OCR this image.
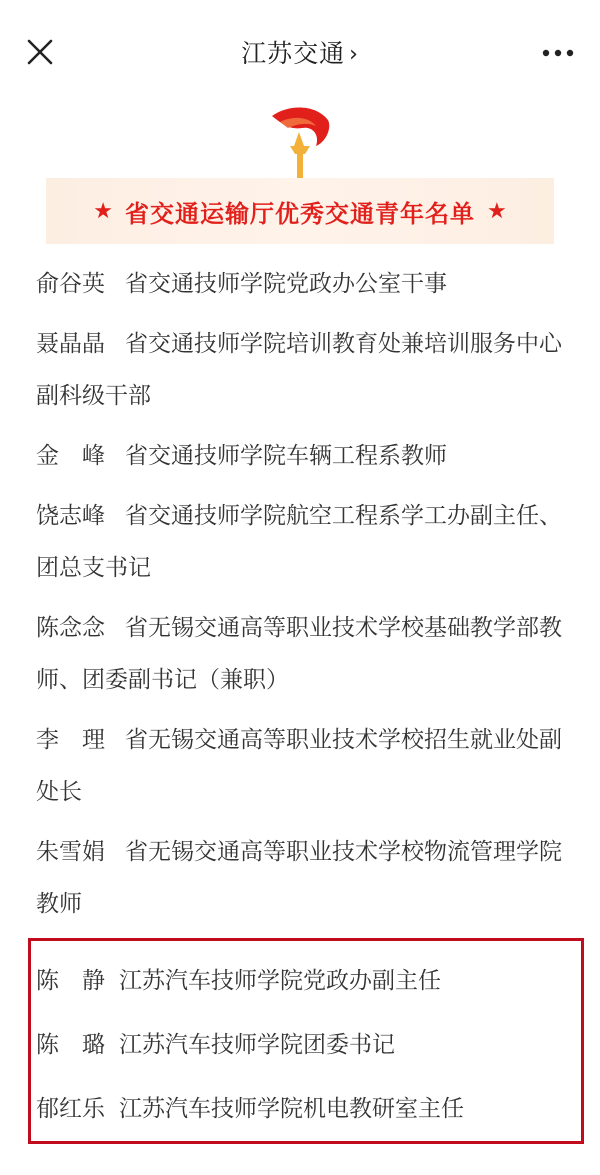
江苏交通 ›
★ 省交通运输厅优秀交通青年名单 ★
俞谷英 省交通技师学院党政办公室干事
聂晶晶 省交通技师学院培训教育处兼培训服务中心副科级干部
金　峰 省交通技师学院车辆工程系教师
饶志峰 省交通技师学院航空工程系学工办副主任、团总支书记
陈念念 省无锡交通高等职业技术学校基础教学部教师、团委副书记（兼职）
李　理 省无锡交通高等职业技术学校招生就业处副处长
朱雪娟 省无锡交通高等职业技术学校物流管理学院教师
陈　静 江苏汽车技师学院党政办副主任
陈　璐 江苏汽车技师学院团委书记
郁红乐 江苏汽车技师学院机电教研室主任
